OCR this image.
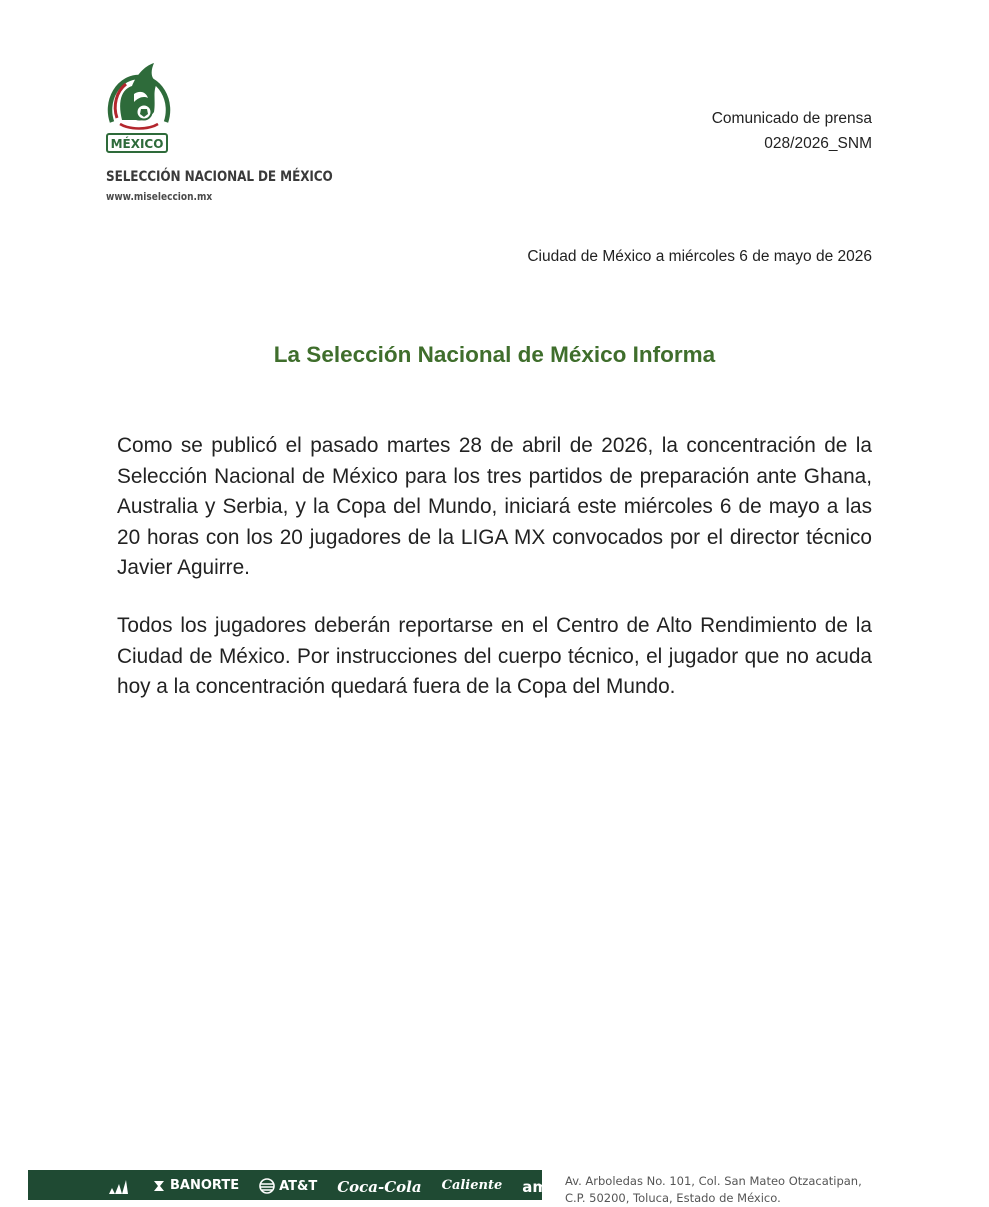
MÉXICO
SELECCIÓN NACIONAL DE MÉXICO
www.miseleccion.mx
Comunicado de prensa
028/2026_SNM
Ciudad de México a miércoles 6 de mayo de 2026
La Selección Nacional de México Informa

Como se publicó el pasado martes 28 de abril de 2026, la concentración de la Selección Nacional de México para los tres partidos de preparación ante Ghana, Australia y Serbia, y la Copa del Mundo, iniciará este miércoles 6 de mayo a las 20 horas con los 20 jugadores de la LIGA MX convocados por el director técnico Javier Aguirre.

Todos los jugadores deberán reportarse en el Centro de Alto Rendimiento de la Ciudad de México. Por instrucciones del cuerpo técnico, el jugador que no acuda hoy a la concentración quedará fuera de la Copa del Mundo.

BANORTE	AT&T Coca-Cola Caliente amazon
Av. Arboledas No. 101, Col. San Mateo Otzacatipan,
C.P. 50200, Toluca, Estado de México.
